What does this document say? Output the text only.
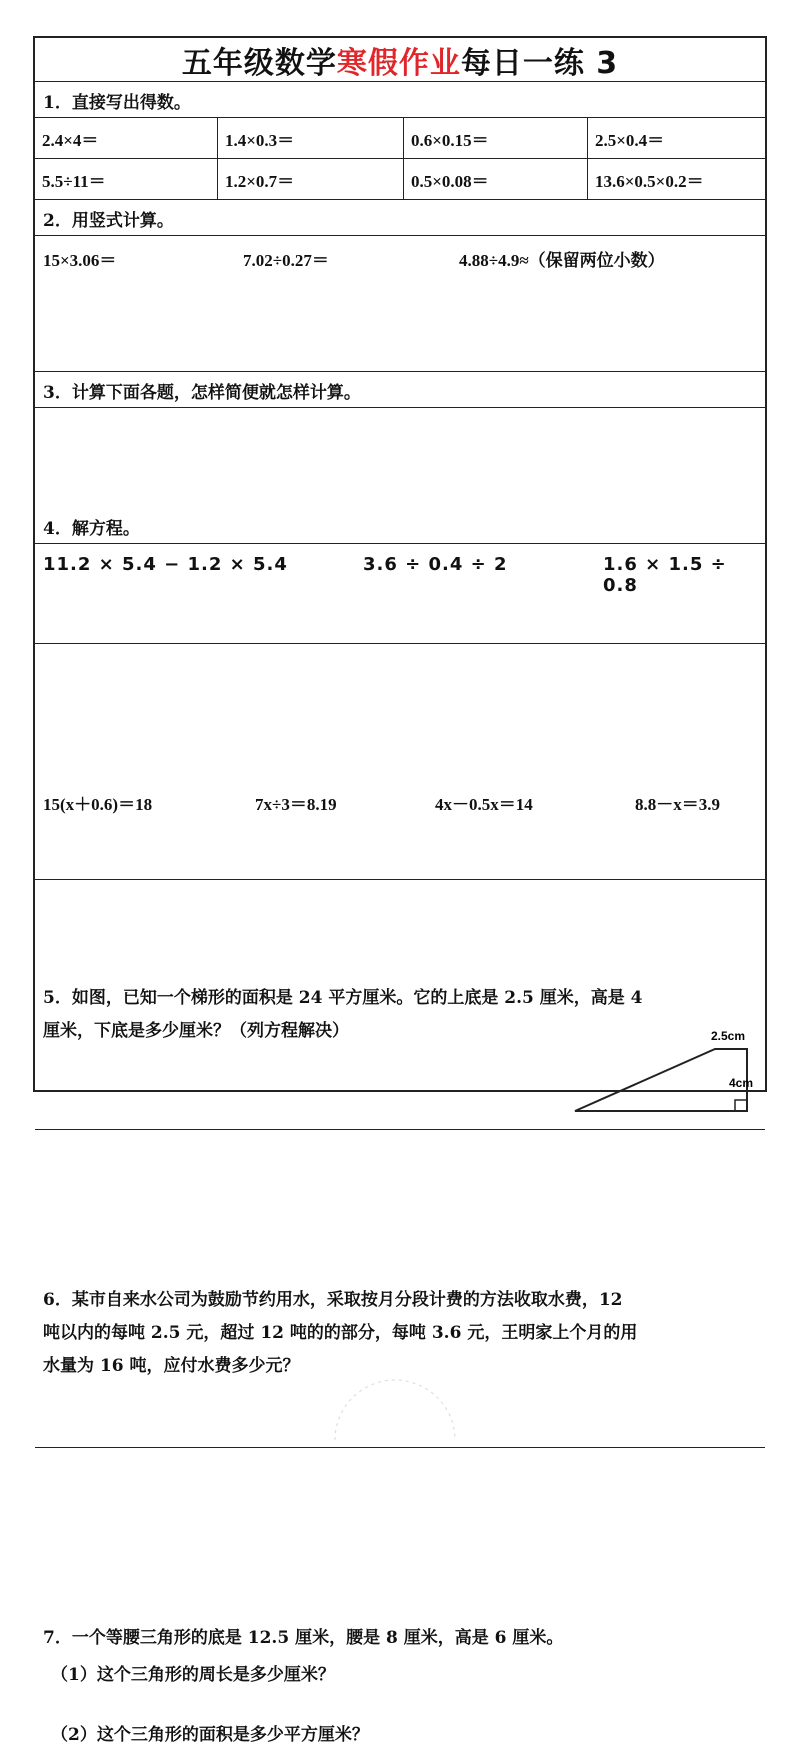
五年级数学寒假作业每日一练 3
1．直接写出得数。
2.4×4＝	1.4×0.3＝	0.6×0.15＝	2.5×0.4＝
5.5÷11＝	1.2×0.7＝	0.5×0.08＝	13.6×0.5×0.2＝
2．用竖式计算。
15×3.06＝	7.02÷0.27＝	4.88÷4.9≈（保留两位小数）
3．计算下面各题，怎样简便就怎样计算。
11.2 × 5.4 − 1.2 × 5.4	3.6 ÷ 0.4 ÷ 2	1.6 × 1.5 ÷ 0.8
4．解方程。
15(x＋0.6)＝18	7x÷3＝8.19	4x－0.5x＝14	8.8－x＝3.9
5．如图，已知一个梯形的面积是 24 平方厘米。它的上底是 2.5 厘米，高是 4
厘米，下底是多少厘米？（列方程解决）	2.5cm
4cm
6．某市自来水公司为鼓励节约用水，采取按月分段计费的方法收取水费，12
吨以内的每吨 2.5 元，超过 12 吨的的部分，每吨 3.6 元，王明家上个月的用
水量为 16 吨，应付水费多少元？
7．一个等腰三角形的底是 12.5 厘米，腰是 8 厘米，高是 6 厘米。
（1）这个三角形的周长是多少厘米？
（2）这个三角形的面积是多少平方厘米？
